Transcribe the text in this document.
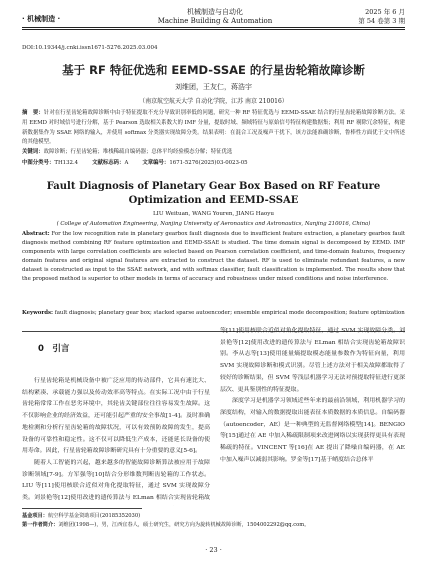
· 机械制造 ·
机械制造与自动化
Machine Building & Automation
2025 年 6 月
第 54 卷第 3 期
DOI:10.19344/j.cnki.issn1671-5276.2025.03.004
基于 RF 特征优选和 EEMD-SSAE 的行星齿轮箱故障诊断
刘维团，王友仁，蒋浩宇
（南京航空航天大学 自动化学院，江苏 南京 210016）
摘　要：针对在行星齿轮箱故障诊断中由于特征提取不充分导致识别率低的问题，研究一种 RF 特征优选与 EEMD-SSAE 结合的行星齿轮箱故障诊断方法。采用 EEMD 对时域信号进行分解，基于 Pearson 选取相关系数大的 IMF 分量，提取时域、频域特征与原始信号特征构建数据集；利用 RF 剔除冗余特征，构建新数据集作为 SSAE 网络的输入，并使用 softmax 分类器实现故障分类。结果表明：在混合工况及噪声干扰下，该方法能准确诊断，鲁棒性方面优于文中所述的其他模型。
关键词：故障诊断；行星齿轮箱；堆栈稀疏自编码器；总体平均经验模态分解；特征优选
中图分类号：TH132.4	文献标志码：A	文章编号：1671-5276(2025)03-0023-05
Fault Diagnosis of Planetary Gear Box Based on RF Feature Optimization and EEMD-SSAE
LIU Weituan, WANG Youren, JIANG Haoyu
( College of Automation Engineering, Nanjing University of Aeronautics and Astronautics, Nanjing 210016, China)
Abstract: For the low recognition rate in planetary gearbox fault diagnosis due to insufficient feature extraction, a planetary gearbox fault diagnosis method combining RF feature optimization and EEMD-SSAE is studied. The time domain signal is decomposed by EEMD. IMF components with large correlation coefficients are selected based on Pearson correlation coefficient, and time-domain features, frequency domain features and original signal features are extracted to construct the dataset. RF is used to eliminate redundant features, a new dataset is constructed as input to the SSAE network, and with softmax classifier, fault classification is implemented. The results show that the proposed method is superior to other models in terms of accuracy and robustness under mixed conditions and noise interference.
Keywords: fault diagnosis; planetary gear box; stacked sparse autoencoder; ensemble empirical mode decomposition; feature optimization
0　引言
行星齿轮箱是机械设备中被广泛应用的传动部件，它具有速比大、结构紧凑、承载能力强以及传动效率高等特点。在实际工况中由于行星齿轮箱常常工作在恶劣环境中，其轮齿关键部位往往容易发生故障。这不仅影响企业的经济效益，还可能引起严重的安全事故[1-4]。及时准确地检测和分析行星齿轮箱的故障状况，可以有效预防故障的发生，提高设备的可靠性和稳定性。这不仅可以降低生产成本，还能延长设备的使用寿命。因此，行星齿轮箱故障诊断研究具有十分重要的意义[5-6]。
随着人工智能的兴起，越来越多的智能故障诊断算法被应用于故障诊断领域[7-9]。方军强等[10]结合分形维数判断齿轮箱的工作状态。LIU 等[11]使用核联合近似对角化提取特征，通过 SVM 实现故障分类。刘景艳等[12]使用改进的遗传算法与 ELman 相结合实现齿轮箱故
等[11]使用核联合近似对角化提取特征，通过 SVM 实现故障分类。刘景艳等[12]使用改进的遗传算法与 ELman 相结合实现齿轮箱故障识别。李从志等[13]使用能量熵提取模态能量参数作为特征向量，利用 SVM 实现故障诊断和模式识别。尽管上述方法对于相关故障都取得了较好的诊断结果，但 SVM 等浅层机器学习无法对预提取特征进行更深层次、更具鉴别性的特征提取。
深度学习是机器学习领域近些年来的最前沿领域，利用机器学习的深度结构，对输入的数据提取出能表征本质数据的本质信息。自编码器（autoencoder，AE）是一种典型的无监督网络模型[14]。BENGIO 等[15]通过在 AE 中加入稀疏限制项来改进网络以实现获得更具有表现稀疏的特征。VINCENT 等[16]在 AE 提出了降噪自编码器，在 AE 中加入噪声以减弱其影响。罗金等[17]基于峭度结合总体平
基金项目：航空科学基金资助项目(20185352030)
第一作者简介：刘维团(1998—)，男，江西宜春人，硕士研究生，研究方向为旋转机械故障诊断，1504002292@qq.com。
· 23 ·
